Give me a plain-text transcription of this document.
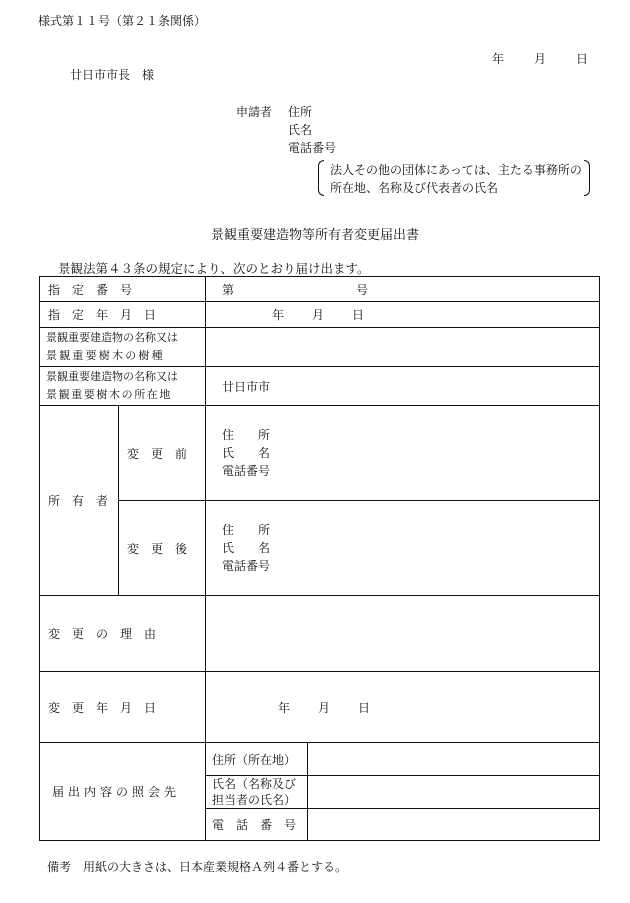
様式第１１号（第２１条関係）
年	月	日
廿日市市長　様
申請者 住所
氏名
電話番号
法人その他の団体にあっては、主たる事務所の所在地、名称及び代表者の氏名
景観重要建造物等所有者変更届出書
景観法第４３条の規定により、次のとおり届け出ます。
指　定　番　号		第 号	
指　定　年　月　日		年 月 日	

景観重要建造物の名称又は
景観重要樹木の樹種			

景観重要建造物の名称又は
景観重要樹木の所在地		廿日市市	
所　有　者	変　更　前	住　　所
氏　　名
電話番号	

	変　更　後	住　　所
氏　　名
電話番号	

変　更　の　理　由			
変　更　年　月　日		年 月 日	
届出内容の照会先		住所（所在地）	

		氏名（名称及び
担当者の氏名）	

		電　話　番　号	
備考　用紙の大きさは、日本産業規格Ａ列４番とする。
